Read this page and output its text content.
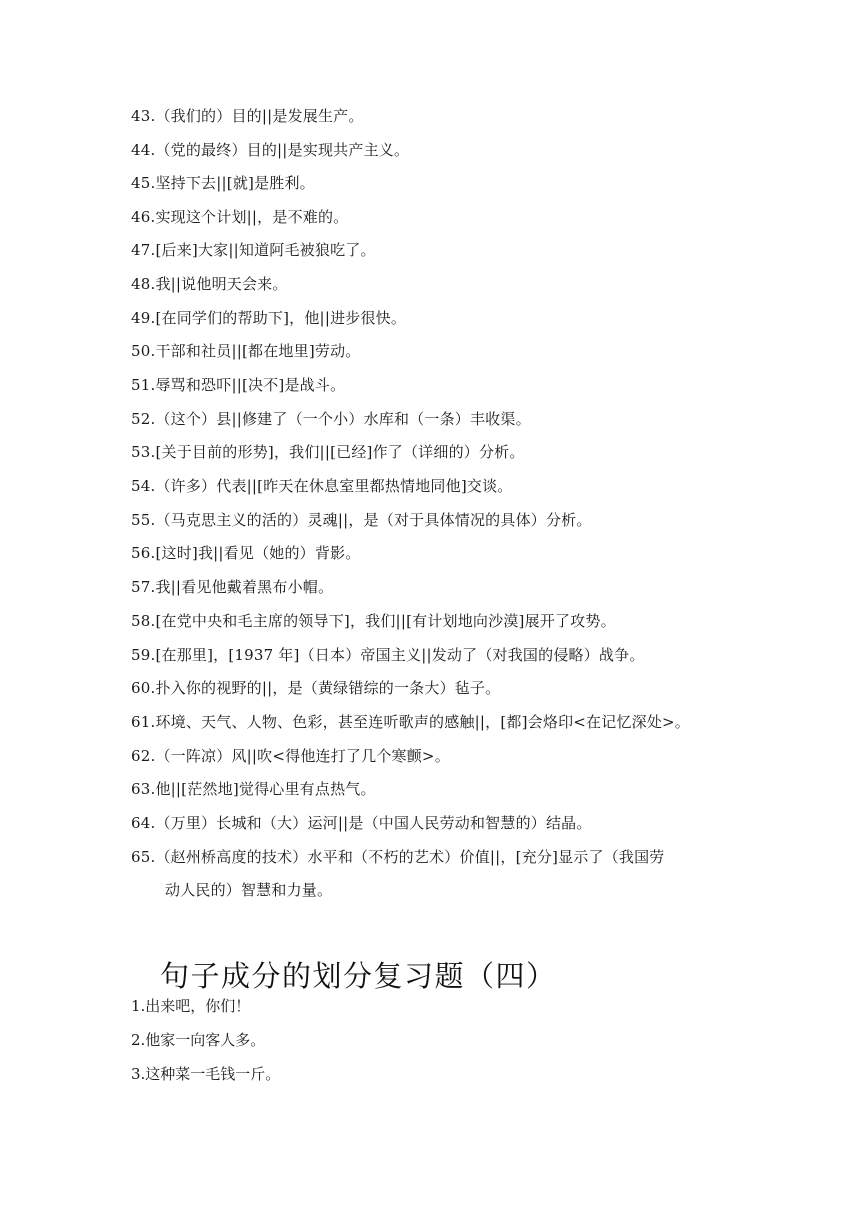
43.（我们的）目的||是发展生产。
44.（党的最终）目的||是实现共产主义。
45.坚持下去||[就]是胜利。
46.实现这个计划||，是不难的。
47.[后来]大家||知道阿毛被狼吃了。
48.我||说他明天会来。
49.[在同学们的帮助下]，他||进步很快。
50.干部和社员||[都在地里]劳动。
51.辱骂和恐吓||[决不]是战斗。
52.（这个）县||修建了（一个小）水库和（一条）丰收渠。
53.[关于目前的形势]，我们||[已经]作了（详细的）分析。
54.（许多）代表||[昨天在休息室里都热情地同他]交谈。
55.（马克思主义的活的）灵魂||，是（对于具体情况的具体）分析。
56.[这时]我||看见（她的）背影。
57.我||看见他戴着黑布小帽。
58.[在党中央和毛主席的领导下]，我们||[有计划地向沙漠]展开了攻势。
59.[在那里]，[1937 年]（日本）帝国主义||发动了（对我国的侵略）战争。
60.扑入你的视野的||，是（黄绿错综的一条大）毡子。
61.环境、天气、人物、色彩，甚至连听歌声的感触||，[都]会烙印<在记忆深处>。
62.（一阵凉）风||吹<得他连打了几个寒颤>。
63.他||[茫然地]觉得心里有点热气。
64.（万里）长城和（大）运河||是（中国人民劳动和智慧的）结晶。
65.（赵州桥高度的技术）水平和（不朽的艺术）价值||，[充分]显示了（我国劳
动人民的）智慧和力量。
句子成分的划分复习题（四）
1.出来吧，你们！
2.他家一向客人多。
3.这种菜一毛钱一斤。
